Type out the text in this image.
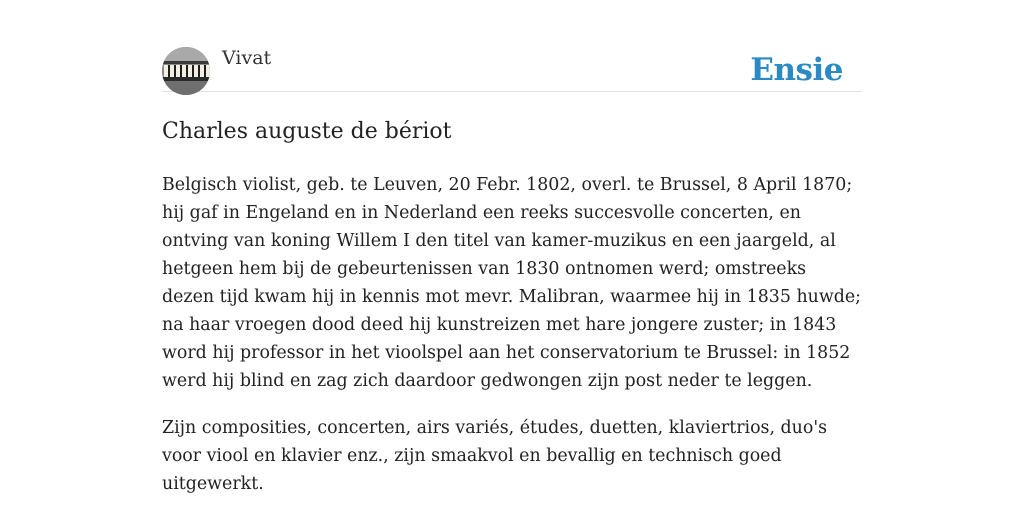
Vivat	Ensie
Charles auguste de bériot

Belgisch violist, geb. te Leuven, 20 Febr. 1802, overl. te Brussel, 8 April 1870; hij gaf in Engeland en in Nederland een reeks succesvolle concerten, en ontving van koning Willem I den titel van kamer-muzikus en een jaargeld, al hetgeen hem bij de gebeurtenissen van 1830 ontnomen werd; omstreeks dezen tijd kwam hij in kennis mot mevr. Malibran, waarmee hij in 1835 huwde; na haar vroegen dood deed hij kunstreizen met hare jongere zuster; in 1843 word hij professor in het vioolspel aan het conservatorium te Brussel: in 1852 werd hij blind en zag zich daardoor gedwongen zijn post neder te leggen.

Zijn composities, concerten, airs variés, études, duetten, klaviertrios, duo's voor viool en klavier enz., zijn smaakvol en bevallig en technisch goed uitgewerkt.
